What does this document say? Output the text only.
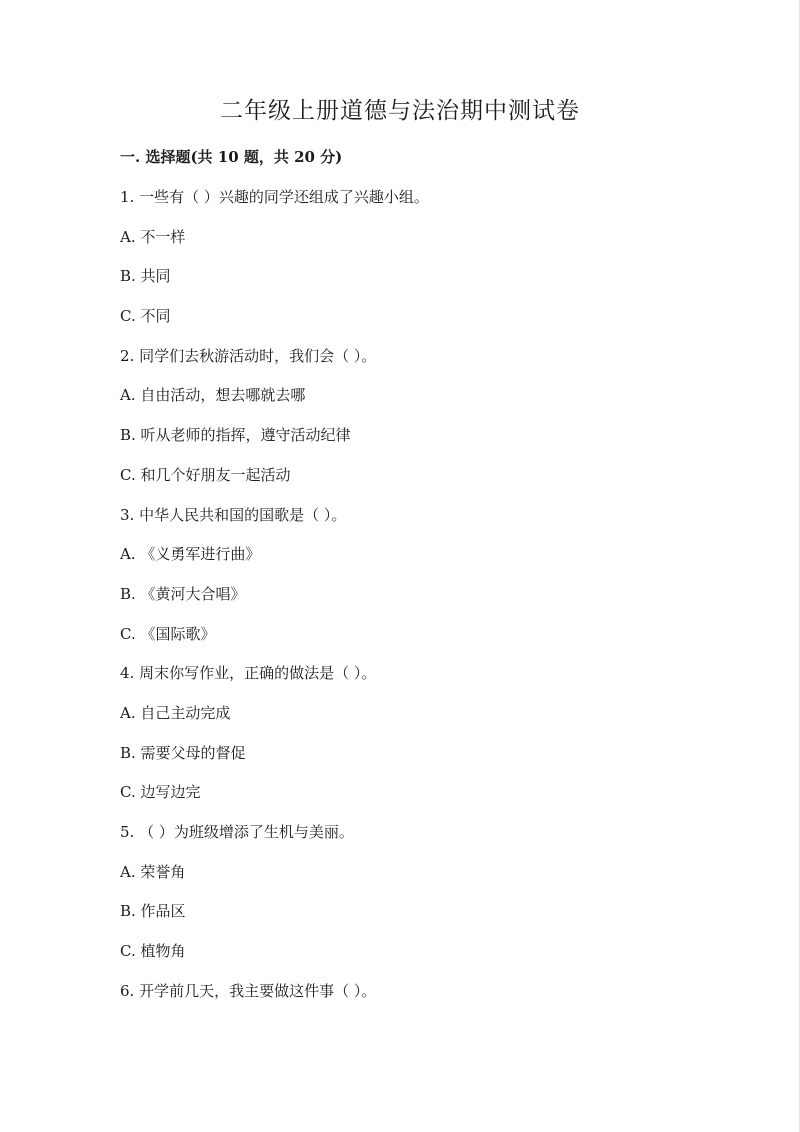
二年级上册道德与法治期中测试卷
一. 选择题(共 10 题，共 20 分)
1. 一些有（ ）兴趣的同学还组成了兴趣小组。
A. 不一样
B. 共同
C. 不同
2. 同学们去秋游活动时，我们会（ ）。
A. 自由活动，想去哪就去哪
B. 听从老师的指挥，遵守活动纪律
C. 和几个好朋友一起活动
3. 中华人民共和国的国歌是（ ）。
A. 《义勇军进行曲》
B. 《黄河大合唱》
C. 《国际歌》
4. 周末你写作业，正确的做法是（ ）。
A. 自己主动完成
B. 需要父母的督促
C. 边写边完
5. （ ）为班级增添了生机与美丽。
A. 荣誉角
B. 作品区
C. 植物角
6. 开学前几天，我主要做这件事（ ）。
